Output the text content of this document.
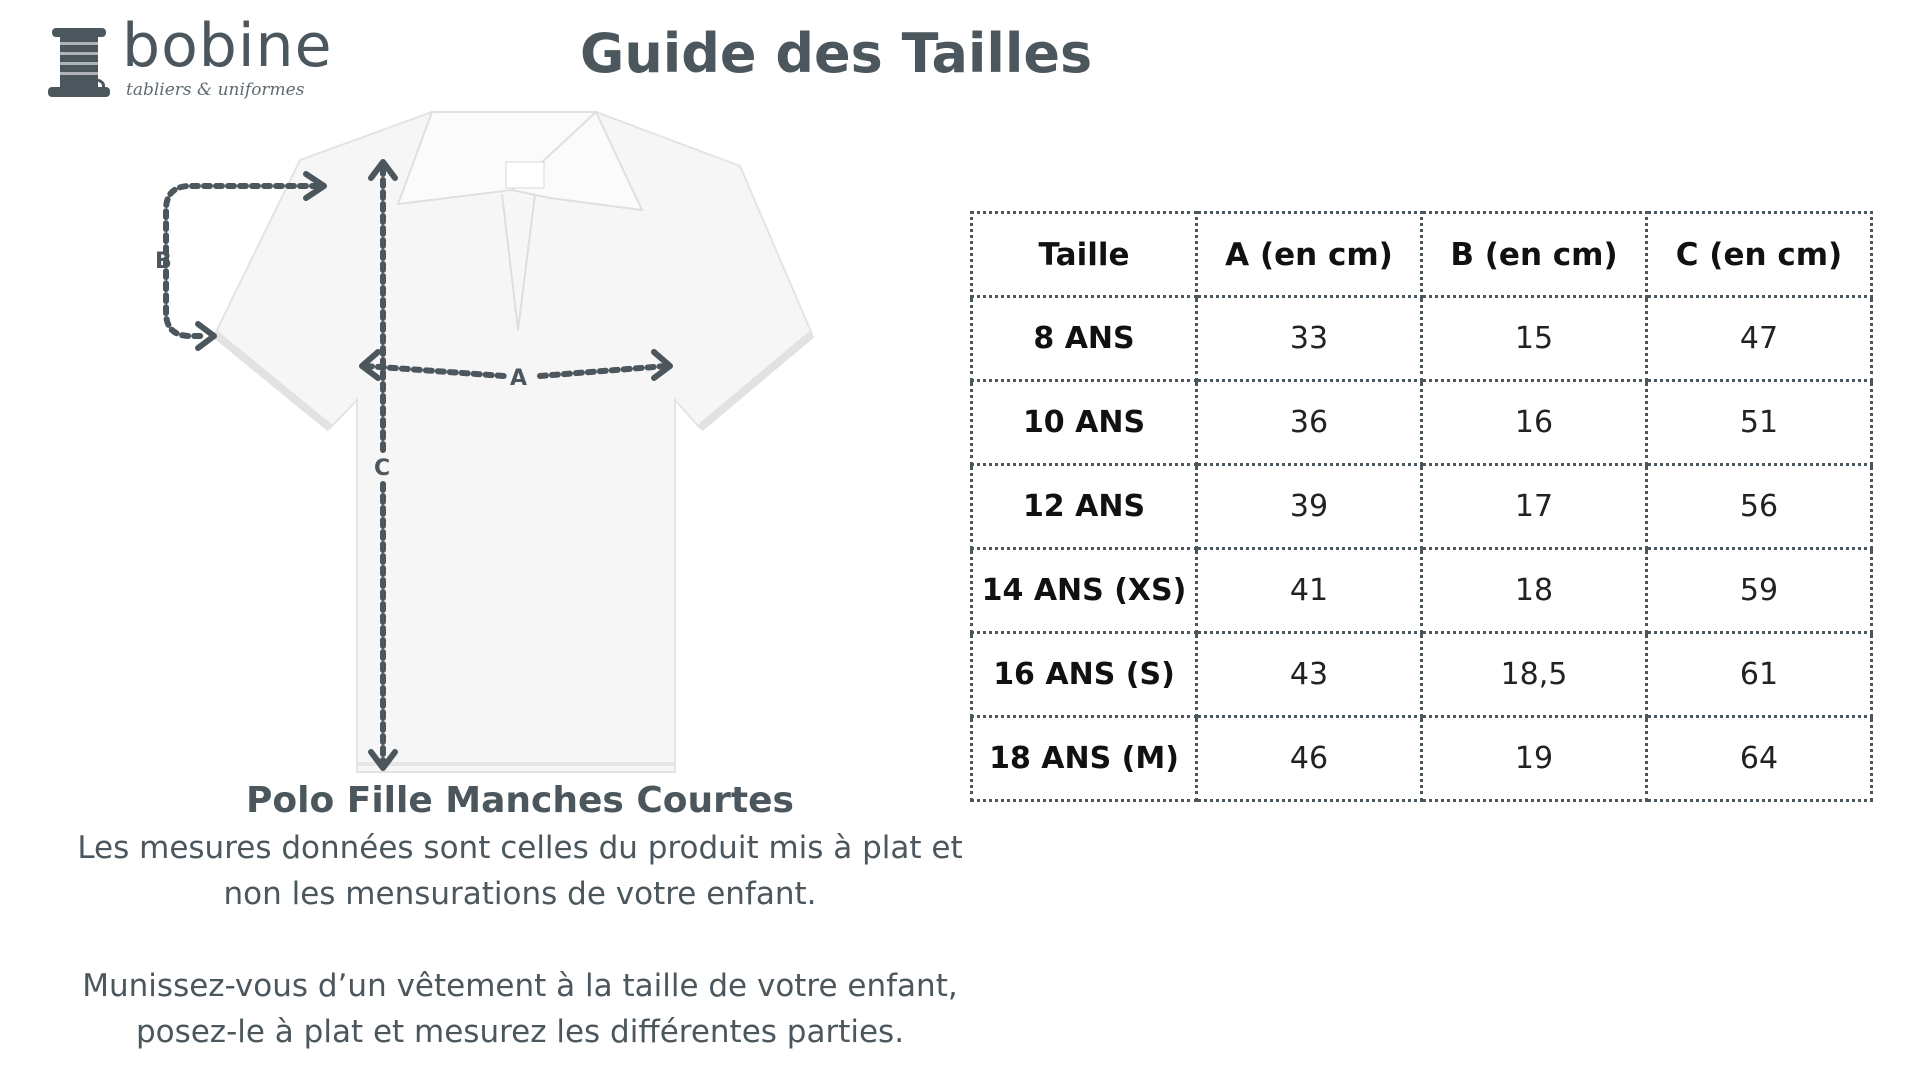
bobine
tabliers & uniformes
Guide des Tailles
B
A
C
Polo Fille Manches Courtes

Les mesures données sont celles du produit mis à plat et

non les mensurations de votre enfant.

Munissez-vous d’un vêtement à la taille de votre enfant,

posez-le à plat et mesurez les différentes parties.

Taille	A (en cm)	B (en cm)	C (en cm)
8 ANS	33	15	47
10 ANS	36	16	51
12 ANS	39	17	56
14 ANS (XS)	41	18	59
16 ANS (S)	43	18,5	61
18 ANS (M)	46	19	64
